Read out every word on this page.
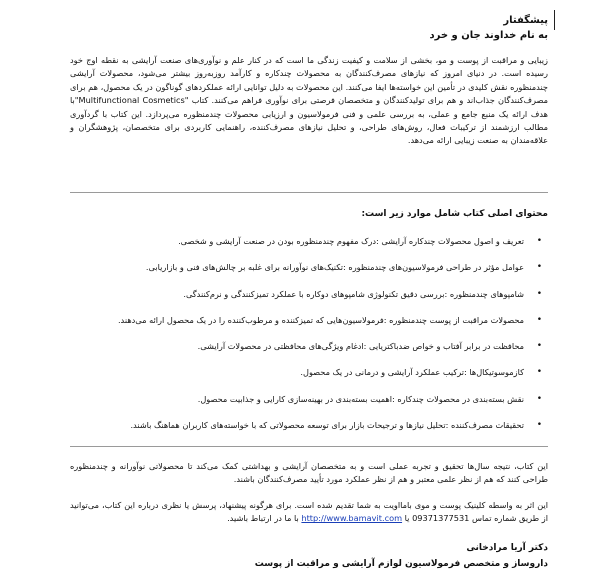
پیشگفتار
به نام خداوند جان و خرد
زیبایی و مراقبت از پوست و مو، بخشی از سلامت و کیفیت زندگی ما است که در کنار علم و نوآوری‌های صنعت آرایشی به نقطه اوج خود رسیده است. در دنیای امروز که نیازهای مصرف‌کنندگان به محصولات چندکاره و کارآمد روزبه‌روز بیشتر می‌شود، محصولات آرایشی چندمنظوره نقش کلیدی در تأمین این خواسته‌ها ایفا می‌کنند. این محصولات به دلیل توانایی ارائه عملکردهای گوناگون در یک محصول، هم برای مصرف‌کنندگان جذاب‌اند و هم برای تولیدکنندگان و متخصصان فرصتی برای نوآوری فراهم می‌کنند. کتاب "Multifunctional Cosmetics"با هدف ارائه یک منبع جامع و عملی، به بررسی علمی و فنی فرمولاسیون و ارزیابی محصولات چندمنظوره می‌پردازد. این کتاب با گردآوری مطالب ارزشمند از ترکیبات فعال، روش‌های طراحی، و تحلیل نیازهای مصرف‌کننده، راهنمایی کاربردی برای متخصصان، پژوهشگران و علاقه‌مندان به صنعت زیبایی ارائه می‌دهد.
محتوای اصلی کتاب شامل موارد زیر است:
•
تعریف و اصول محصولات چندکاره آرایشی :درک مفهوم چندمنظوره بودن در صنعت آرایشی و شخصی.
•
عوامل مؤثر در طراحی فرمولاسیون‌های چندمنظوره :تکنیک‌های نوآورانه برای غلبه بر چالش‌های فنی و بازاریابی.
•
شامپوهای چندمنظوره :بررسی دقیق تکنولوژی شامپوهای دوکاره با عملکرد تمیزکنندگی و نرم‌کنندگی.
•
محصولات مراقبت از پوست چندمنظوره :فرمولاسیون‌هایی که تمیزکننده و مرطوب‌کننده را در یک محصول ارائه می‌دهند.
•
محافظت در برابر آفتاب و خواص ضدباکتریایی :ادغام ویژگی‌های محافظتی در محصولات آرایشی.
•
کازموسوتیکال‌ها :ترکیب عملکرد آرایشی و درمانی در یک محصول.
•
نقش بسته‌بندی در محصولات چندکاره :اهمیت بسته‌بندی در بهینه‌سازی کارایی و جذابیت محصول.
•
تحقیقات مصرف‌کننده :تحلیل نیازها و ترجیحات بازار برای توسعه محصولاتی که با خواسته‌های کاربران هماهنگ باشند.
این کتاب، نتیجه سال‌ها تحقیق و تجربه عملی است و به متخصصان آرایشی و بهداشتی کمک می‌کند تا محصولاتی نوآورانه و چندمنظوره طراحی کنند که هم از نظر علمی معتبر و هم از نظر عملکرد مورد تأیید مصرف‌کنندگان باشند.
این اثر به واسطه کلینیک پوست و موی بامااویت به شما تقدیم شده است. برای هرگونه پیشنهاد، پرسش یا نظری درباره این کتاب، می‌توانید از طریق شماره تماس 09371377531 یا http://www.bamavit.com با ما در ارتباط باشید.
دکتر آریا مرادخانی
داروساز و متخصص فرمولاسیون لوازم آرایشی و مراقبت از پوست
